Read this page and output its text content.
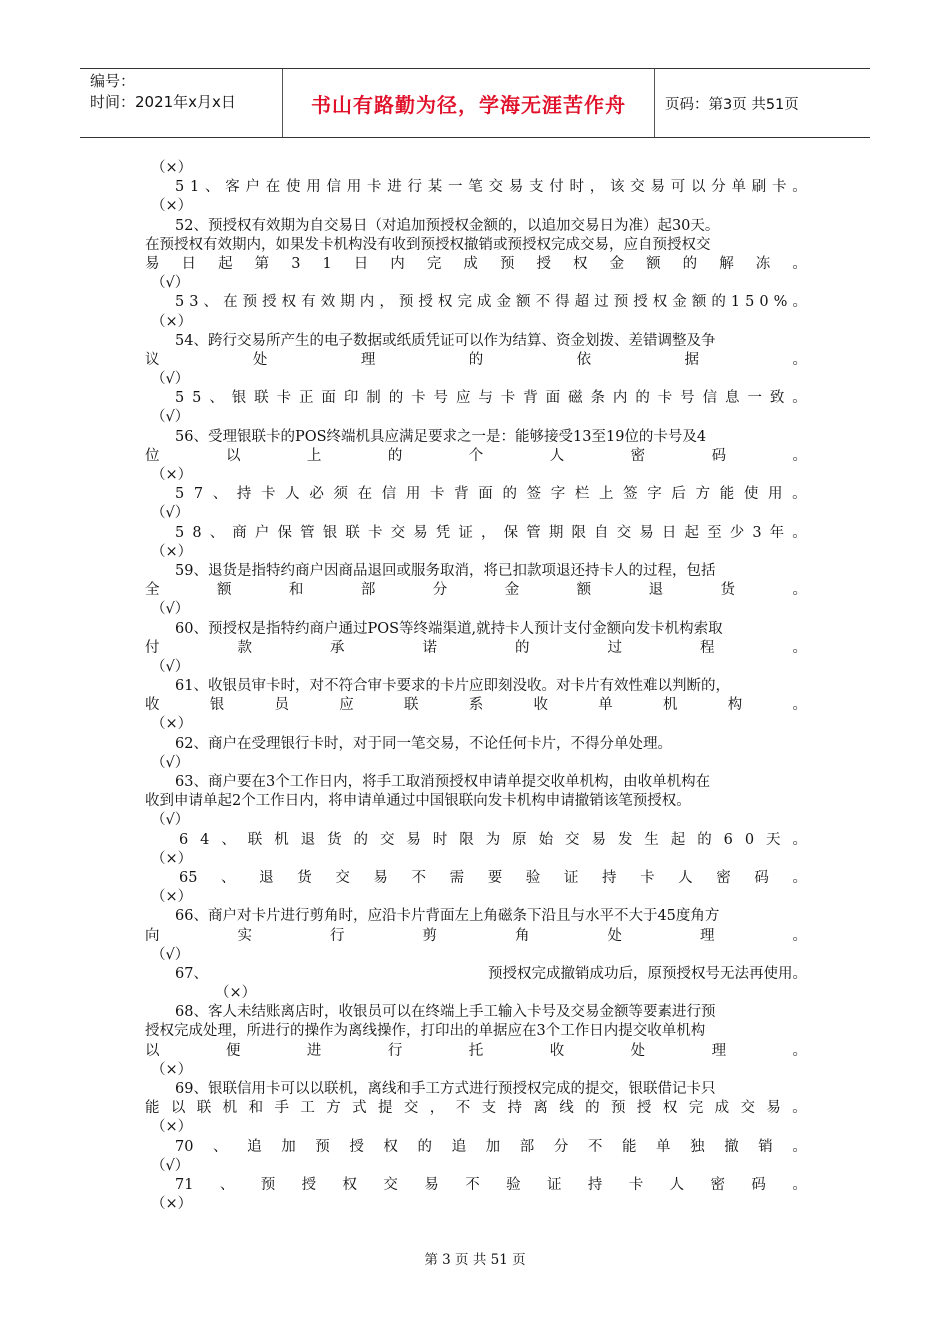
编号：
时间：2021年x月x日	书山有路勤为径，学海无涯苦作舟	页码：第3页 共51页
（×）
5 1 、 客 户 在 使 用 信 用 卡 进 行 某 一 笔 交 易 支 付 时 ， 该 交 易 可 以 分 单 刷 卡 。
（×）
52、预授权有效期为自交易日（对追加预授权金额的，以追加交易日为准）起30天。
在预授权有效期内，如果发卡机构没有收到预授权撤销或预授权完成交易，应自预授权交
易 日 起 第 3 1 日 内 完 成 预 授 权 金 额 的 解 冻 。
（√）
5 3 、 在 预 授 权 有 效 期 内 ， 预 授 权 完 成 金 额 不 得 超 过 预 授 权 金 额 的 1 5 0 % 。
（×）
54、跨行交易所产生的电子数据或纸质凭证可以作为结算、资金划拨、差错调整及争
议	处	理	的	依	据	。
（√）
5 5 、 银 联 卡 正 面 印 制 的 卡 号 应 与 卡 背 面 磁 条 内 的 卡 号 信 息 一 致 。
（√）
56、受理银联卡的POS终端机具应满足要求之一是：能够接受13至19位的卡号及4
位	以	上	的	个	人	密	码	。
（×）
5 7 、 持 卡 人 必 须 在 信 用 卡 背 面 的 签 字 栏 上 签 字 后 方 能 使 用 。
（√）
5 8 、 商 户 保 管 银 联 卡 交 易 凭 证 ， 保 管 期 限 自 交 易 日 起 至 少 3 年 。
（×）
59、退货是指特约商户因商品退回或服务取消，将已扣款项退还持卡人的过程，包括
全	额	和	部	分	金	额	退	货	。
（√）
60、预授权是指特约商户通过POS等终端渠道,就持卡人预计支付金额向发卡机构索取
付	款	承	诺	的	过	程	。
（√）
61、收银员审卡时，对不符合审卡要求的卡片应即刻没收。对卡片有效性难以判断的，
收	银	员	应	联	系	收	单	机	构	。
（×）
62、商户在受理银行卡时，对于同一笔交易，不论任何卡片，不得分单处理。
（√）
63、商户要在3个工作日内，将手工取消预授权申请单提交收单机构，由收单机构在
收到申请单起2个工作日内，将申请单通过中国银联向发卡机构申请撤销该笔预授权。
（√）
6 4 、 联 机 退 货 的 交 易 时 限 为 原 始 交 易 发 生 起 的 6 0 天 。
（×）
65 、 退 货 交 易 不 需 要 验 证 持 卡 人 密 码 。
（×）
66、商户对卡片进行剪角时，应沿卡片背面左上角磁条下沿且与水平不大于45度角方
向	实	行	剪	角	处	理	。
（√）
67、	预授权完成撤销成功后，原预授权号无法再使用。
（×）
68、客人未结账离店时，收银员可以在终端上手工输入卡号及交易金额等要素进行预
授权完成处理，所进行的操作为离线操作，打印出的单据应在3个工作日内提交收单机构
以	便	进	行	托	收	处	理	。
（×）
69、银联信用卡可以以联机，离线和手工方式进行预授权完成的提交，银联借记卡只
能 以 联 机 和 手 工 方 式 提 交 ， 不 支 持 离 线 的 预 授 权 完 成 交 易 。
（×）
70 、 追 加 预 授 权 的 追 加 部 分 不 能 单 独 撤 销 。
（√）
71 、 预 授 权 交 易 不 验 证 持 卡 人 密 码 。
（×）
第 3 页 共 51 页
